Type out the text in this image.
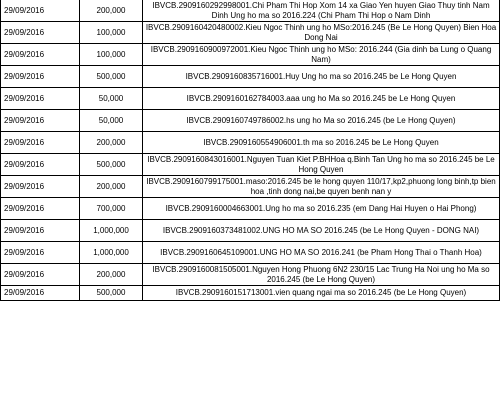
29/09/2016	200,000	IBVCB.2909160292998001.Chi Pham Thi Hop Xom 14 xa Giao Yen huyen Giao Thuy tinh Nam Dinh Ung ho ma so 2016.224 (Chi Pham Thi Hop o Nam Dinh
29/09/2016	100,000	IBVCB.2909160420480002.Kieu Ngoc Thinh ung ho MSo:2016.245 (Be Le Hong Quyen) Bien Hoa Dong Nai
29/09/2016	100,000	IBVCB.2909160900972001.Kieu Ngoc Thinh ung ho MSo: 2016.244 (Gia dinh ba Lung o Quang Nam)
29/09/2016	500,000	IBVCB.2909160835716001.Huy Ung ho ma so 2016.245 be Le Hong Quyen
29/09/2016	50,000	IBVCB.2909160162784003.aaa ung ho Ma so 2016.245 be Le Hong Quyen
29/09/2016	50,000	IBVCB.2909160749786002.hs ung ho Ma so 2016.245 (be Le Hong Quyen)
29/09/2016	200,000	IBVCB.2909160554906001.th ma so 2016.245 be Le Hong Quyen
29/09/2016	500,000	IBVCB.2909160843016001.Nguyen Tuan Kiet P.BHHoa q.Binh Tan Ung ho ma so 2016.245 be Le Hong Quyen
29/09/2016	200,000	IBVCB.2909160799175001.maso:2016.245 be le hong quyen 110/17,kp2,phuong long binh,tp bien hoa ,tinh dong nai,be quyen benh nan y
29/09/2016	700,000	IBVCB.2909160004663001.Ung ho ma so 2016.235 (em Dang Hai Huyen o Hai Phong)
29/09/2016	1,000,000	IBVCB.2909160373481002.UNG HO MA SO 2016.245 (be Le Hong Quyen - DONG NAI)
29/09/2016	1,000,000	IBVCB.2909160645109001.UNG HO MA SO 2016.241 (be Pham Hong Thai o Thanh Hoa)
29/09/2016	200,000	IBVCB.2909160081505001.Nguyen Hong Phuong 6N2 230/15 Lac Trung Ha Noi ung ho Ma so 2016.245 (be Le Hong Quyen)
29/09/2016	500,000	IBVCB.2909160151713001.vien quang ngai ma so 2016.245 (be Le Hong Quyen)
